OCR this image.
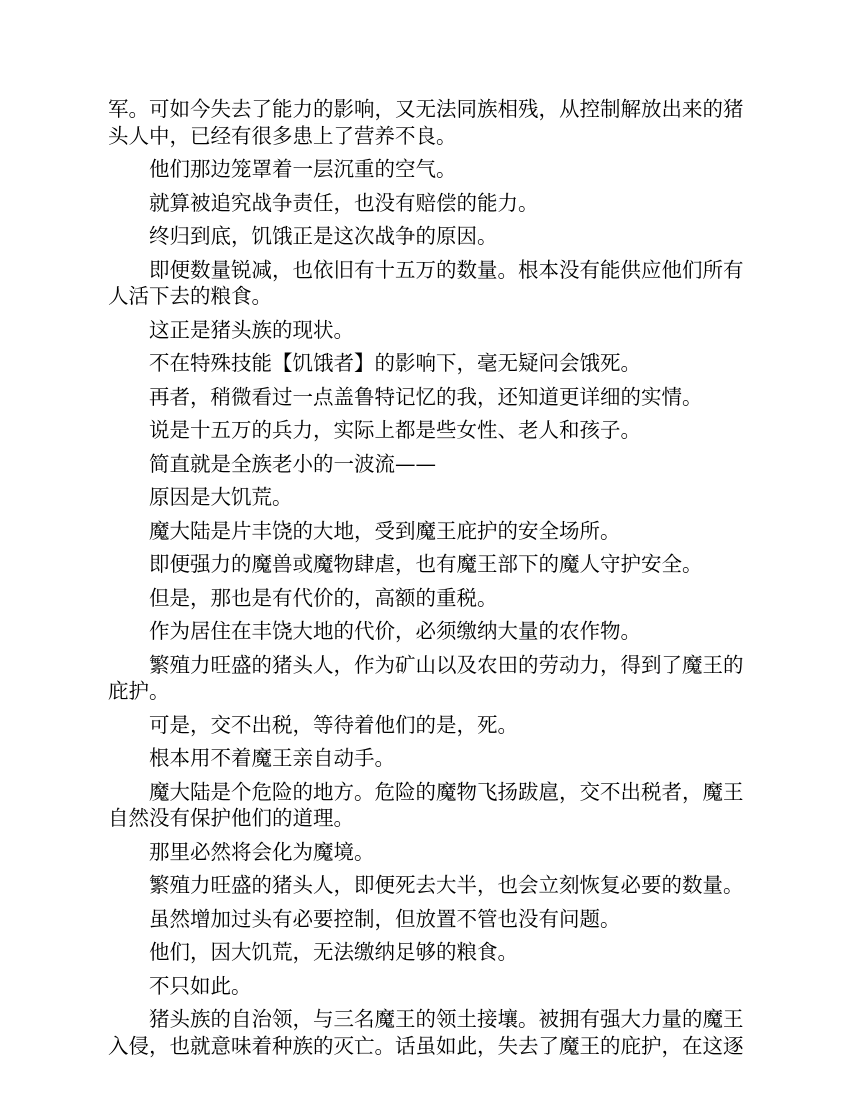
军。可如今失去了能力的影响，又无法同族相残，从控制解放出来的猪头人中，已经有很多患上了营养不良。

他们那边笼罩着一层沉重的空气。

就算被追究战争责任，也没有赔偿的能力。

终归到底，饥饿正是这次战争的原因。

即便数量锐减，也依旧有十五万的数量。根本没有能供应他们所有人活下去的粮食。

这正是猪头族的现状。

不在特殊技能【饥饿者】的影响下，毫无疑问会饿死。

再者，稍微看过一点盖鲁特记忆的我，还知道更详细的实情。

说是十五万的兵力，实际上都是些女性、老人和孩子。

简直就是全族老小的一波流——

原因是大饥荒。

魔大陆是片丰饶的大地，受到魔王庇护的安全场所。

即便强力的魔兽或魔物肆虐，也有魔王部下的魔人守护安全。

但是，那也是有代价的，高额的重税。

作为居住在丰饶大地的代价，必须缴纳大量的农作物。

繁殖力旺盛的猪头人，作为矿山以及农田的劳动力，得到了魔王的庇护。

可是，交不出税，等待着他们的是，死。

根本用不着魔王亲自动手。

魔大陆是个危险的地方。危险的魔物飞扬跋扈，交不出税者，魔王自然没有保护他们的道理。

那里必然将会化为魔境。

繁殖力旺盛的猪头人，即便死去大半，也会立刻恢复必要的数量。

虽然增加过头有必要控制，但放置不管也没有问题。

他们，因大饥荒，无法缴纳足够的粮食。

不只如此。

猪头族的自治领，与三名魔王的领土接壤。被拥有强大力量的魔王入侵，也就意味着种族的灭亡。话虽如此，失去了魔王的庇护，在这逐
